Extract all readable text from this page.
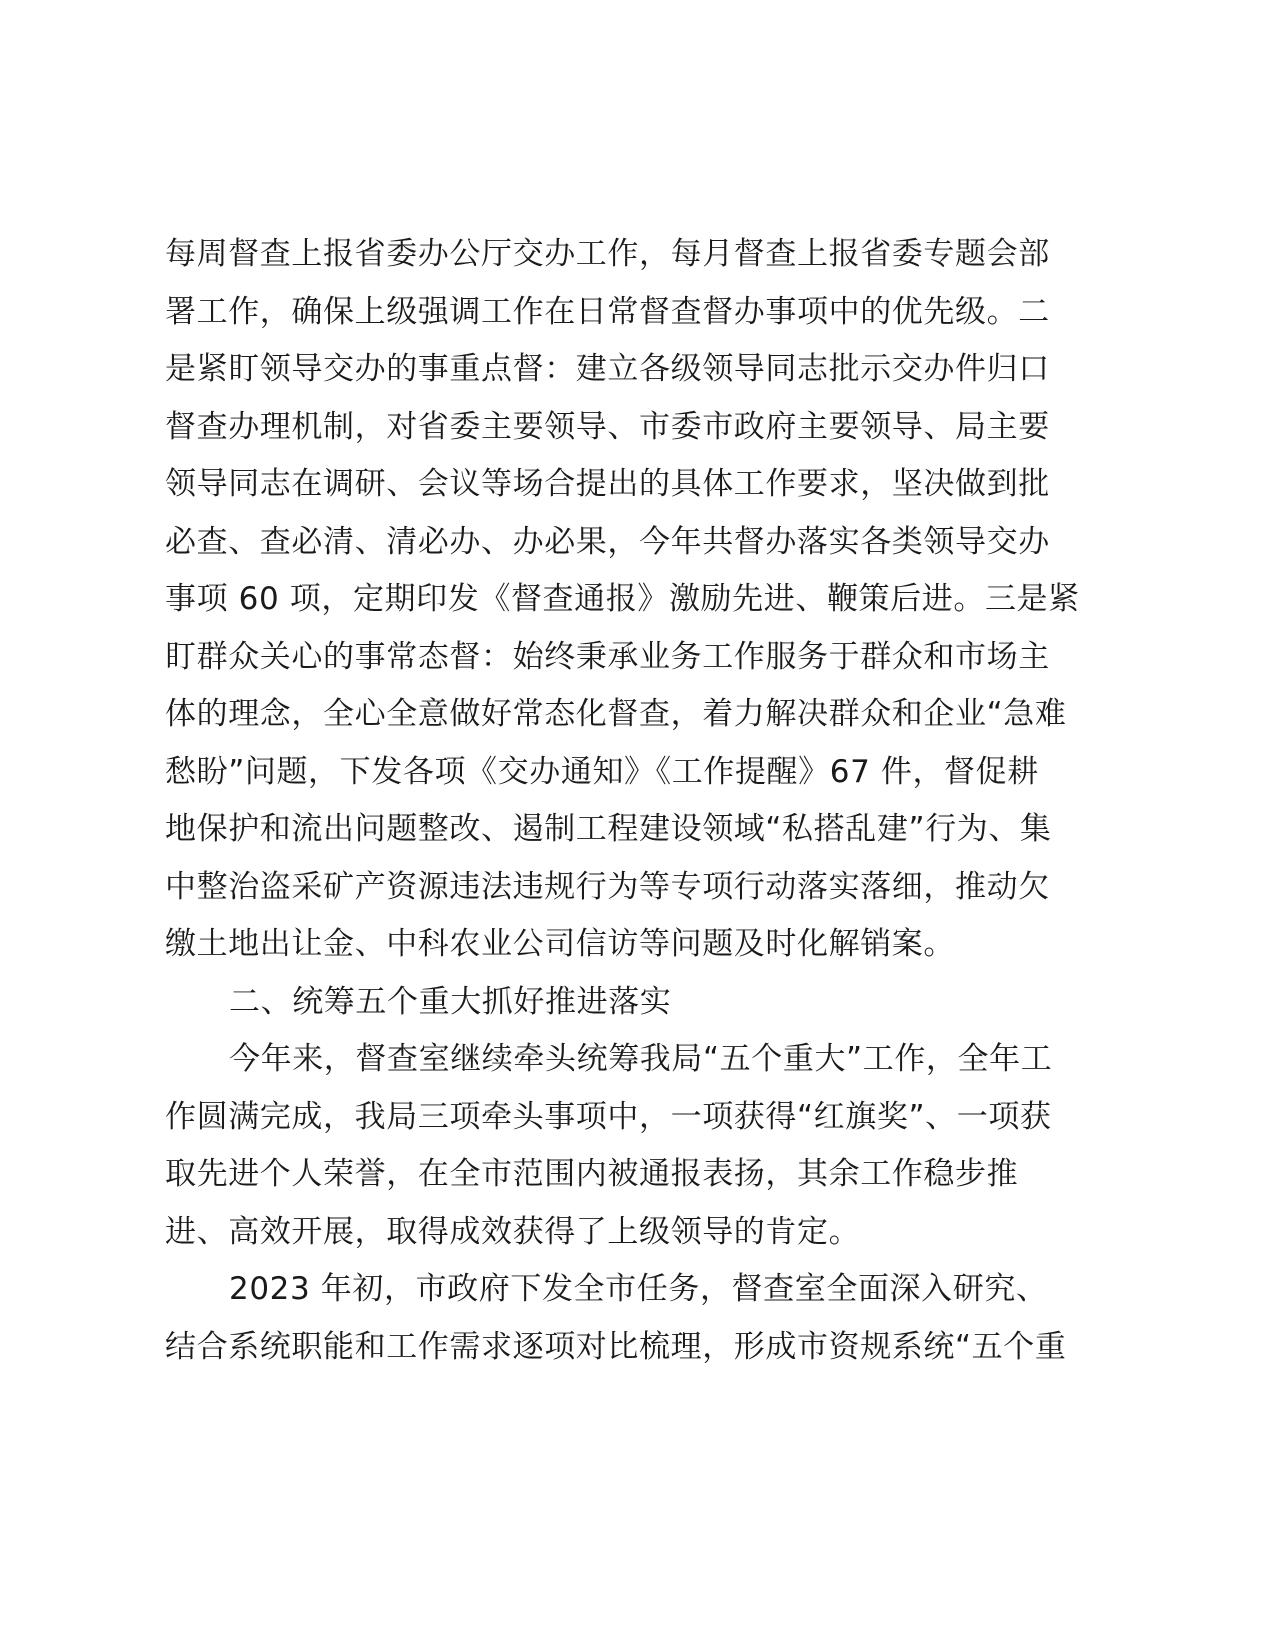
每周督查上报省委办公厅交办工作，每月督查上报省委专题会部
署工作，确保上级强调工作在日常督查督办事项中的优先级。二
是紧盯领导交办的事重点督：建立各级领导同志批示交办件归口
督查办理机制，对省委主要领导、市委市政府主要领导、局主要
领导同志在调研、会议等场合提出的具体工作要求，坚决做到批
必查、查必清、清必办、办必果，今年共督办落实各类领导交办
事项 60 项，定期印发《督查通报》激励先进、鞭策后进。三是紧
盯群众关心的事常态督：始终秉承业务工作服务于群众和市场主
体的理念，全心全意做好常态化督查，着力解决群众和企业“急难
愁盼”问题，下发各项《交办通知》《工作提醒》67 件，督促耕
地保护和流出问题整改、遏制工程建设领域“私搭乱建”行为、集
中整治盗采矿产资源违法违规行为等专项行动落实落细，推动欠
缴土地出让金、中科农业公司信访等问题及时化解销案。
二、统筹五个重大抓好推进落实
今年来，督查室继续牵头统筹我局“五个重大”工作，全年工
作圆满完成，我局三项牵头事项中，一项获得“红旗奖”、一项获
取先进个人荣誉，在全市范围内被通报表扬，其余工作稳步推
进、高效开展，取得成效获得了上级领导的肯定。
2023 年初，市政府下发全市任务，督查室全面深入研究、
结合系统职能和工作需求逐项对比梳理，形成市资规系统“五个重
